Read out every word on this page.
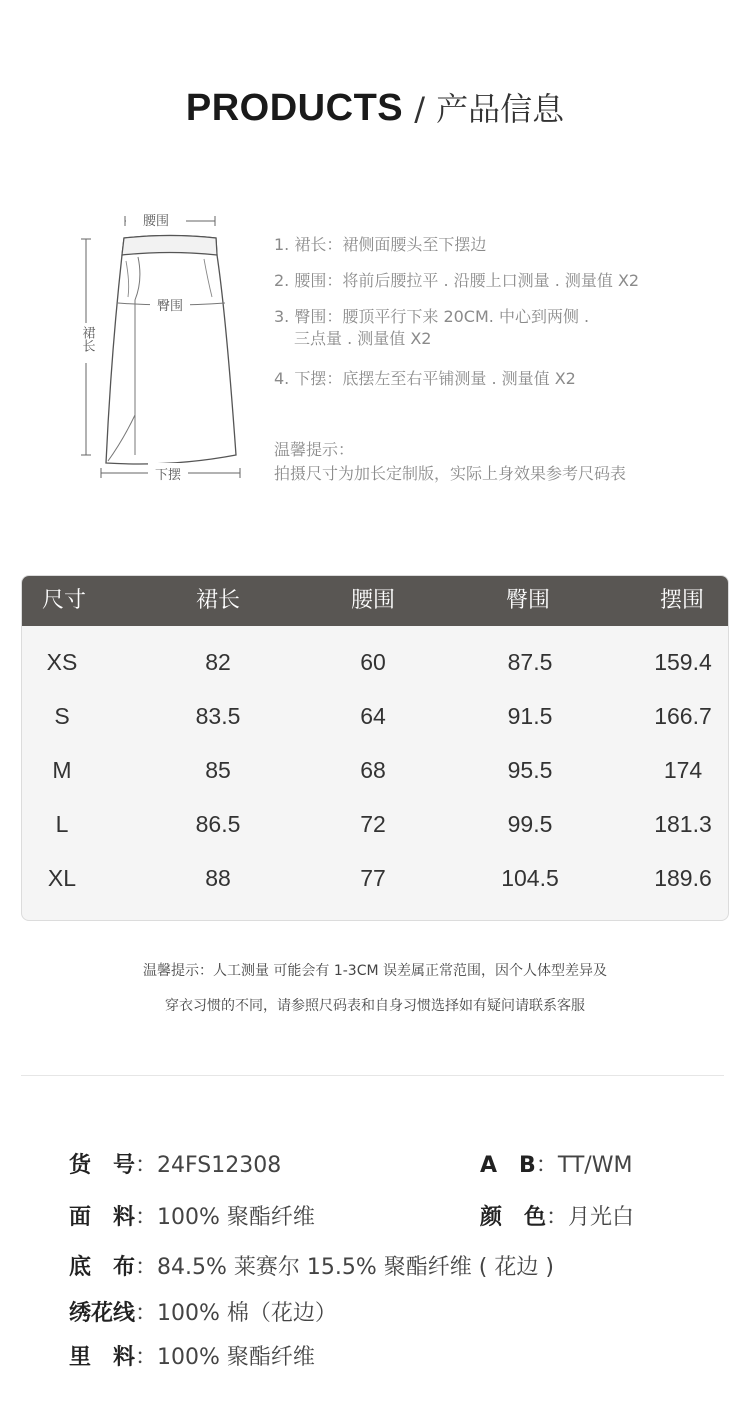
PRODUCTS / 产品信息
腰围
臀围
裙长
下摆
1. 裙长：裙侧面腰头至下摆边
2. 腰围：将前后腰拉平 . 沿腰上口测量 . 测量值 X2
3. 臀围：腰顶平行下来 20CM. 中心到两侧 .
三点量 . 测量值 X2
4. 下摆：底摆左至右平铺测量 . 测量值 X2
温馨提示：
拍摄尺寸为加长定制版，实际上身效果参考尺码表
尺寸	裙长	腰围	臀围	摆围
XS	82	60	87.5	159.4
S	83.5	64	91.5	166.7
M	85	68	95.5	174
L	86.5	72	99.5	181.3
XL	88	77	104.5	189.6
温馨提示：人工测量 可能会有 1-3CM 误差属正常范围，因个人体型差异及
穿衣习惯的不同，请参照尺码表和自身习惯选择如有疑问请联系客服
货　号：24FS12308	A　B：TT/WM
面　料：100% 聚酯纤维	颜　色：月光白
底　布：84.5% 莱赛尔 15.5% 聚酯纤维 ( 花边 )
绣花线：100% 棉（花边）
里　料：100% 聚酯纤维
